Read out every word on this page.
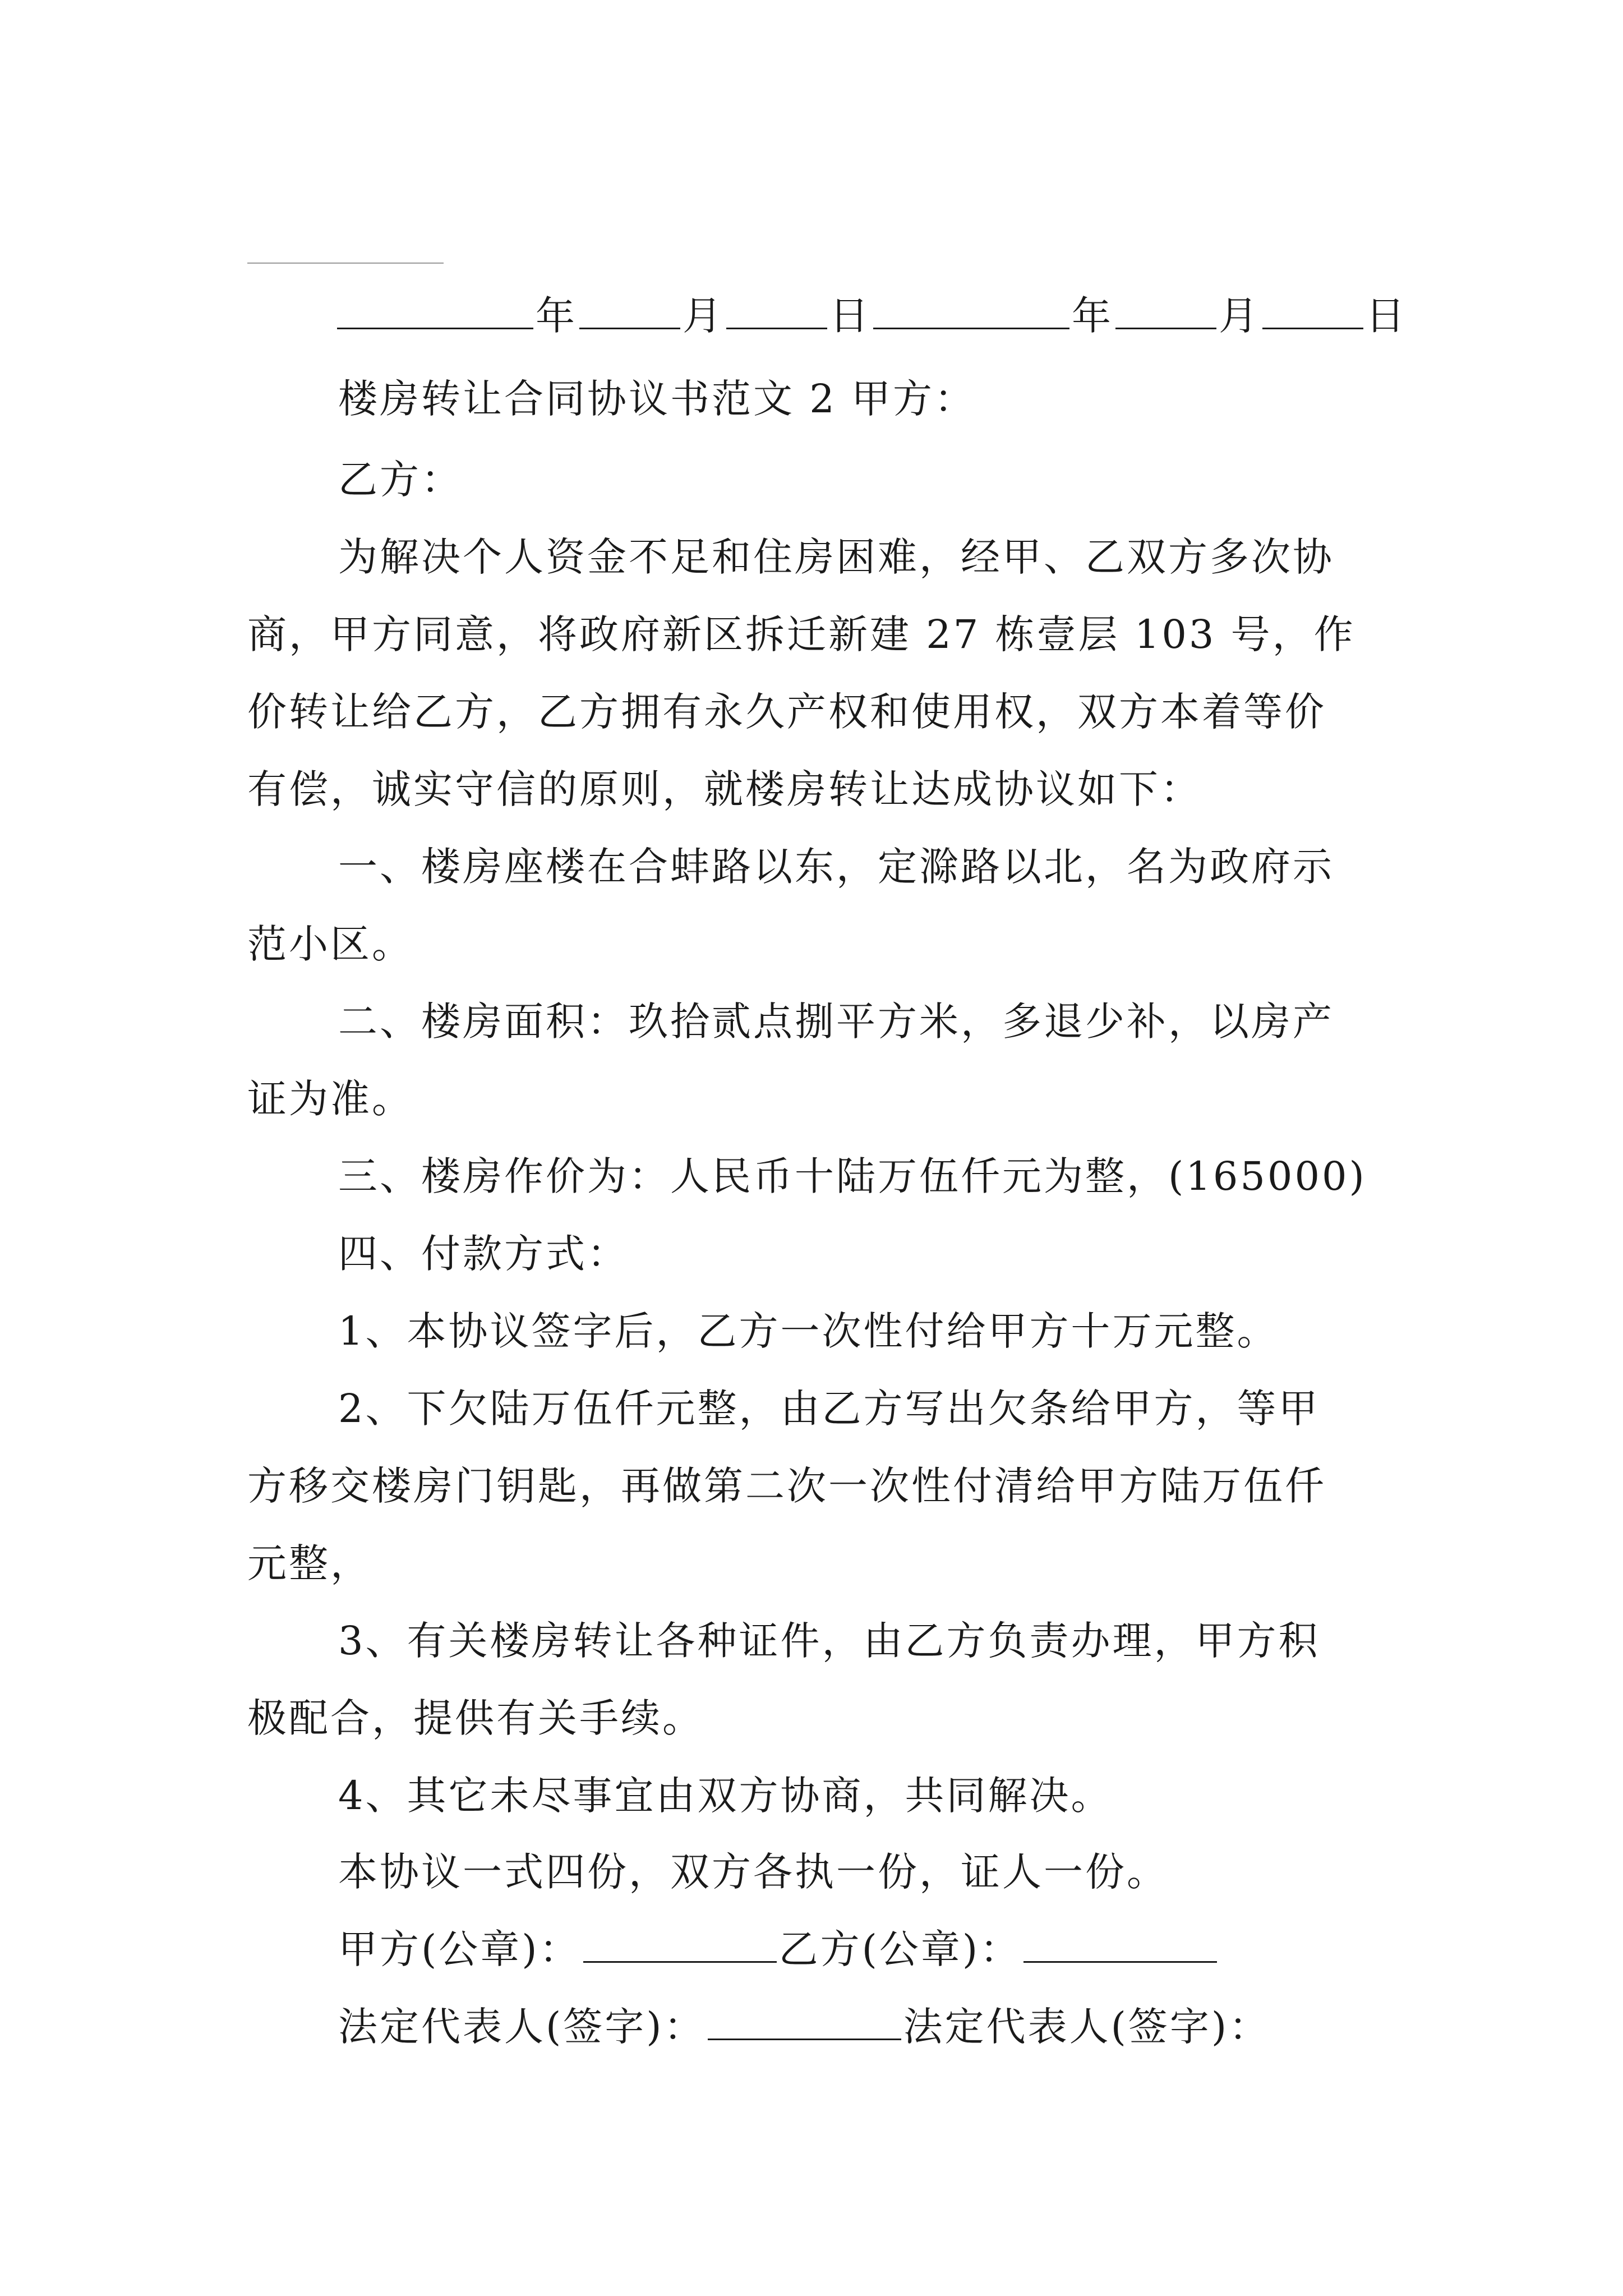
年	月	日	年	月	日
楼房转让合同协议书范文 2 甲方：
乙方：
为解决个人资金不足和住房困难，经甲、乙双方多次协
商，甲方同意，将政府新区拆迁新建 27 栋壹层 103 号，作
价转让给乙方，乙方拥有永久产权和使用权，双方本着等价
有偿，诚实守信的原则，就楼房转让达成协议如下：
一、楼房座楼在合蚌路以东，定滁路以北，名为政府示
范小区。
二、楼房面积：玖拾贰点捌平方米，多退少补，以房产
证为准。
三、楼房作价为：人民币十陆万伍仟元为整，(165000)
四、付款方式：
1、本协议签字后，乙方一次性付给甲方十万元整。
2、下欠陆万伍仟元整，由乙方写出欠条给甲方，等甲
方移交楼房门钥匙，再做第二次一次性付清给甲方陆万伍仟
元整，
3、有关楼房转让各种证件，由乙方负责办理，甲方积
极配合，提供有关手续。
4、其它未尽事宜由双方协商，共同解决。
本协议一式四份，双方各执一份，证人一份。
甲方(公章)：	乙方(公章)：
法定代表人(签字)：	法定代表人(签字)：
